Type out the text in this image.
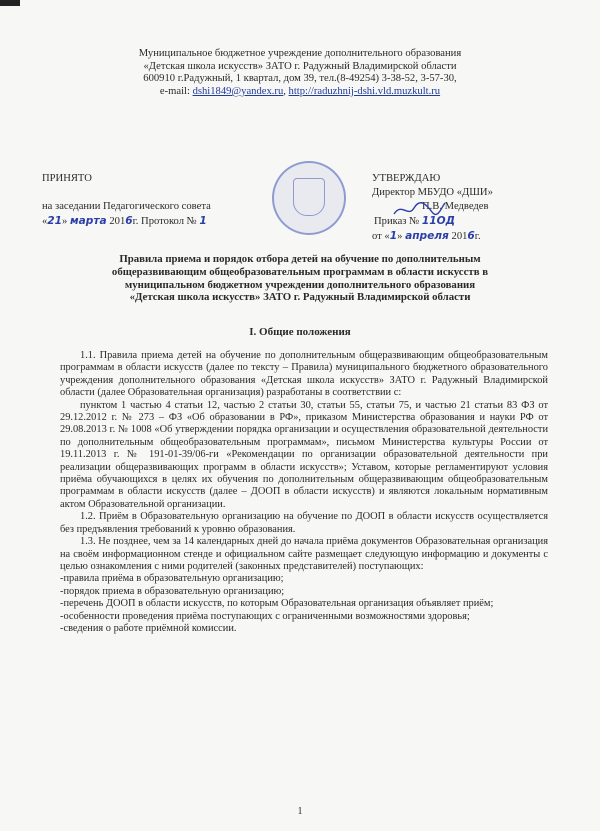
Муниципальное бюджетное учреждение дополнительного образования
«Детская школа искусств» ЗАТО г. Радужный Владимирской области
600910 г.Радужный, 1 квартал, дом 39, тел.(8-49254) 3-38-52, 3-57-30,
e-mail: dshi1849@yandex.ru, http://raduzhnij-dshi.vld.muzkult.ru
ПРИНЯТО
на заседании Педагогического совета
«21» марта 2016г. Протокол № 1
УТВЕРЖДАЮ
Директор МБУДО «ДШИ»
П.В. Медведев
Приказ № 11ОД
от «1» апреля 2016г.
Правила приема и порядок отбора детей на обучение по дополнительным
общеразвивающим общеобразовательным программам в области искусств в
муниципальном бюджетном учреждении дополнительного образования
«Детская школа искусств» ЗАТО г. Радужный Владимирской области
I. Общие положения

1.1. Правила приема детей на обучение по дополнительным общеразвивающим общеобразовательным программам в области искусств (далее по тексту – Правила) муниципального бюджетного образовательного учреждения дополнительного образования «Детская школа искусств» ЗАТО г. Радужный Владимирской области (далее Образовательная организация) разработаны в соответствии с:

пунктом 1 частью 4 статьи 12, частью 2 статьи 30, статьи 55, статьи 75, и частью 21 статьи 83 ФЗ от 29.12.2012 г. № 273 – ФЗ «Об образовании в РФ», приказом Министерства образования и науки РФ от 29.08.2013 г. № 1008 «Об утверждении порядка организации и осуществления образовательной деятельности по дополнительным общеобразовательным программам», письмом Министерства культуры России от 19.11.2013 г. № 191-01-39/06-ги «Рекомендации по организации образовательной деятельности при реализации общеразвивающих программ в области искусств»; Уставом, которые регламентируют условия приёма обучающихся в целях их обучения по дополнительным общеразвивающим общеобразовательным программам в области искусств (далее – ДООП в области искусств) и являются локальным нормативным актом Образовательной организации.

1.2. Приём в Образовательную организацию на обучение по ДООП в области искусств осуществляется без предъявления требований к уровню образования.

1.3. Не позднее, чем за 14 календарных дней до начала приёма документов Образовательная организация на своём информационном стенде и официальном сайте размещает следующую информацию и документы с целью ознакомления с ними родителей (законных представителей) поступающих:

-правила приёма в образовательную организацию;

-порядок приема в образовательную организацию;

-перечень ДООП в области искусств, по которым Образовательная организация объявляет приём;

-особенности проведения приёма поступающих с ограниченными возможностями здоровья;

-сведения о работе приёмной комиссии.

1
